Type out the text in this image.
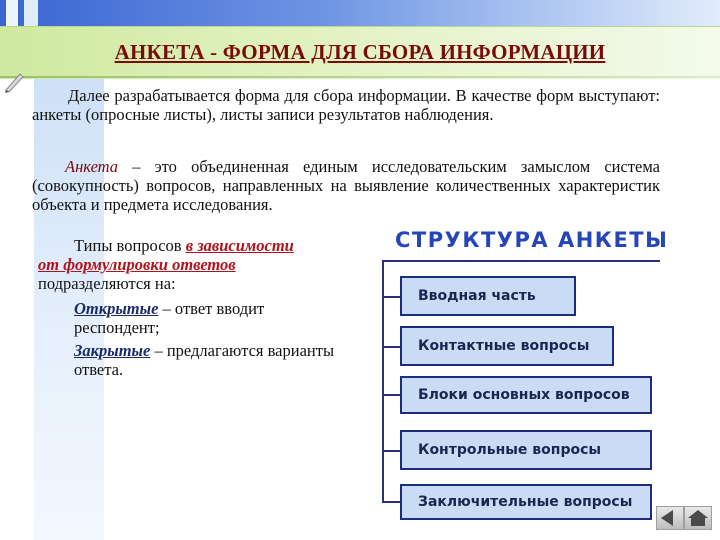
АНКЕТА - ФОРМА ДЛЯ СБОРА ИНФОРМАЦИИ
Далее разрабатывается форма для сбора информации. В качестве форм выступают: анкеты (опросные листы), листы записи результатов наблюдения.
Анкета – это объединенная единым исследовательским замыслом система (совокупность) вопросов, направленных на выявление количественных характеристик объекта и предмета исследования.

Типы вопросов в зависимости

от формулировки ответов

подразделяются на:

Открытые – ответ вводит респондент;

Закрытые – предлагаются варианты ответа.

СТРУКТУРА АНКЕТЫ
Вводная часть
Контактные вопросы
Блоки основных вопросов
Контрольные вопросы
Заключительные вопросы
